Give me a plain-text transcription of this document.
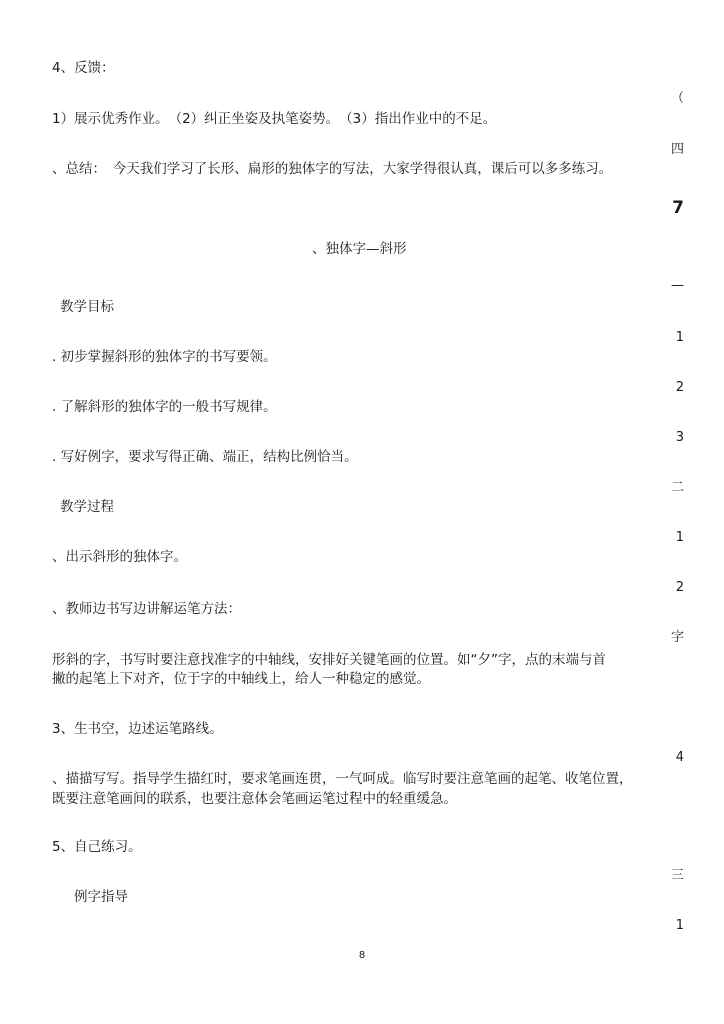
4、反馈：
1）展示优秀作业。　（2）纠正坐姿及执笔姿势。　（3）指出作业中的不足。
、总结：　今天我们学习了长形、扁形的独体字的写法，大家学得很认真，课后可以多多练习。
、独体字—斜形
教学目标
. 初步掌握斜形的独体字的书写要领。
. 了解斜形的独体字的一般书写规律。
. 写好例字，要求写得正确、端正，结构比例恰当。
教学过程
、出示斜形的独体字。
、教师边书写边讲解运笔方法：
形斜的字，书写时要注意找准字的中轴线，安排好关键笔画的位置。如“夕”字，点的末端与首
撇的起笔上下对齐，位于字的中轴线上，给人一种稳定的感觉。
3、生书空，边述运笔路线。
、描描写写。指导学生描红时，要求笔画连贯，一气呵成。临写时要注意笔画的起笔、收笔位置，
既要注意笔画间的联系，也要注意体会笔画运笔过程中的轻重缓急。
5、自己练习。
例字指导
（
四
7
—
1
2
3
二
1
2
字
4
三
1
8
